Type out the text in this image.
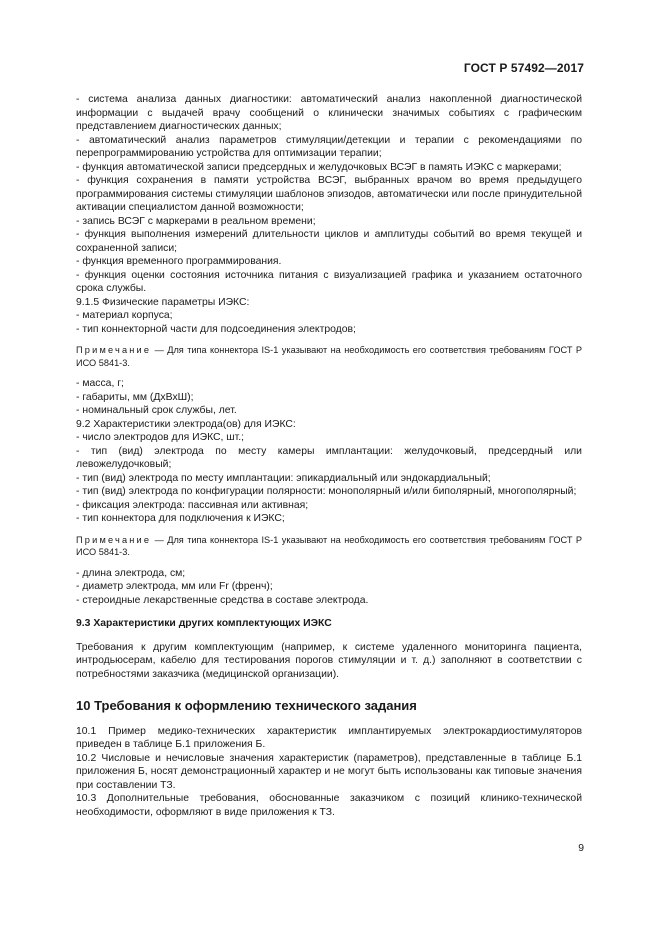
ГОСТ Р 57492—2017

- система анализа данных диагностики: автоматический анализ накопленной диагностической информации с выдачей врачу сообщений о клинически значимых событиях с графическим представлением диагностических данных;

- автоматический анализ параметров стимуляции/детекции и терапии с рекомендациями по перепрограммированию устройства для оптимизации терапии;

- функция автоматической записи предсердных и желудочковых ВСЭГ в память ИЭКС с маркерами;

- функция сохранения в памяти устройства ВСЭГ, выбранных врачом во время предыдущего программирования системы стимуляции шаблонов эпизодов, автоматически или после принудительной активации специалистом данной возможности;

- запись ВСЭГ с маркерами в реальном времени;

- функция выполнения измерений длительности циклов и амплитуды событий во время текущей и сохраненной записи;

- функция временного программирования.

- функция оценки состояния источника питания с визуализацией графика и указанием остаточного срока службы.

9.1.5 Физические параметры ИЭКС:

- материал корпуса;

- тип коннекторной части для подсоединения электродов;

Примечание — Для типа коннектора IS-1 указывают на необходимость его соответствия требованиям ГОСТ Р ИСО 5841-3.

- масса, г;

- габариты, мм (ДхВхШ);

- номинальный срок службы, лет.

9.2 Характеристики электрода(ов) для ИЭКС:

- число электродов для ИЭКС, шт.;

- тип (вид) электрода по месту камеры имплантации: желудочковый, предсердный или левожелудочковый;

- тип (вид) электрода по месту имплантации: эпикардиальный или эндокардиальный;

- тип (вид) электрода по конфигурации полярности: монополярный и/или биполярный, многополярный;

- фиксация электрода: пассивная или активная;

- тип коннектора для подключения к ИЭКС;

Примечание — Для типа коннектора IS-1 указывают на необходимость его соответствия требованиям ГОСТ Р ИСО 5841-3.

- длина электрода, см;

- диаметр электрода, мм или Fr (френч);

- стероидные лекарственные средства в составе электрода.

9.3 Характеристики других комплектующих ИЭКС

Требования к другим комплектующим (например, к системе удаленного мониторинга пациента, интродьюсерам, кабелю для тестирования порогов стимуляции и т. д.) заполняют в соответствии с потребностями заказчика (медицинской организации).

10 Требования к оформлению технического задания

10.1 Пример медико-технических характеристик имплантируемых электрокардиостимуляторов приведен в таблице Б.1 приложения Б.

10.2 Числовые и нечисловые значения характеристик (параметров), представленные в таблице Б.1 приложения Б, носят демонстрационный характер и не могут быть использованы как типовые значения при составлении ТЗ.

10.3 Дополнительные требования, обоснованные заказчиком с позиций клинико-технической необходимости, оформляют в виде приложения к ТЗ.

9
